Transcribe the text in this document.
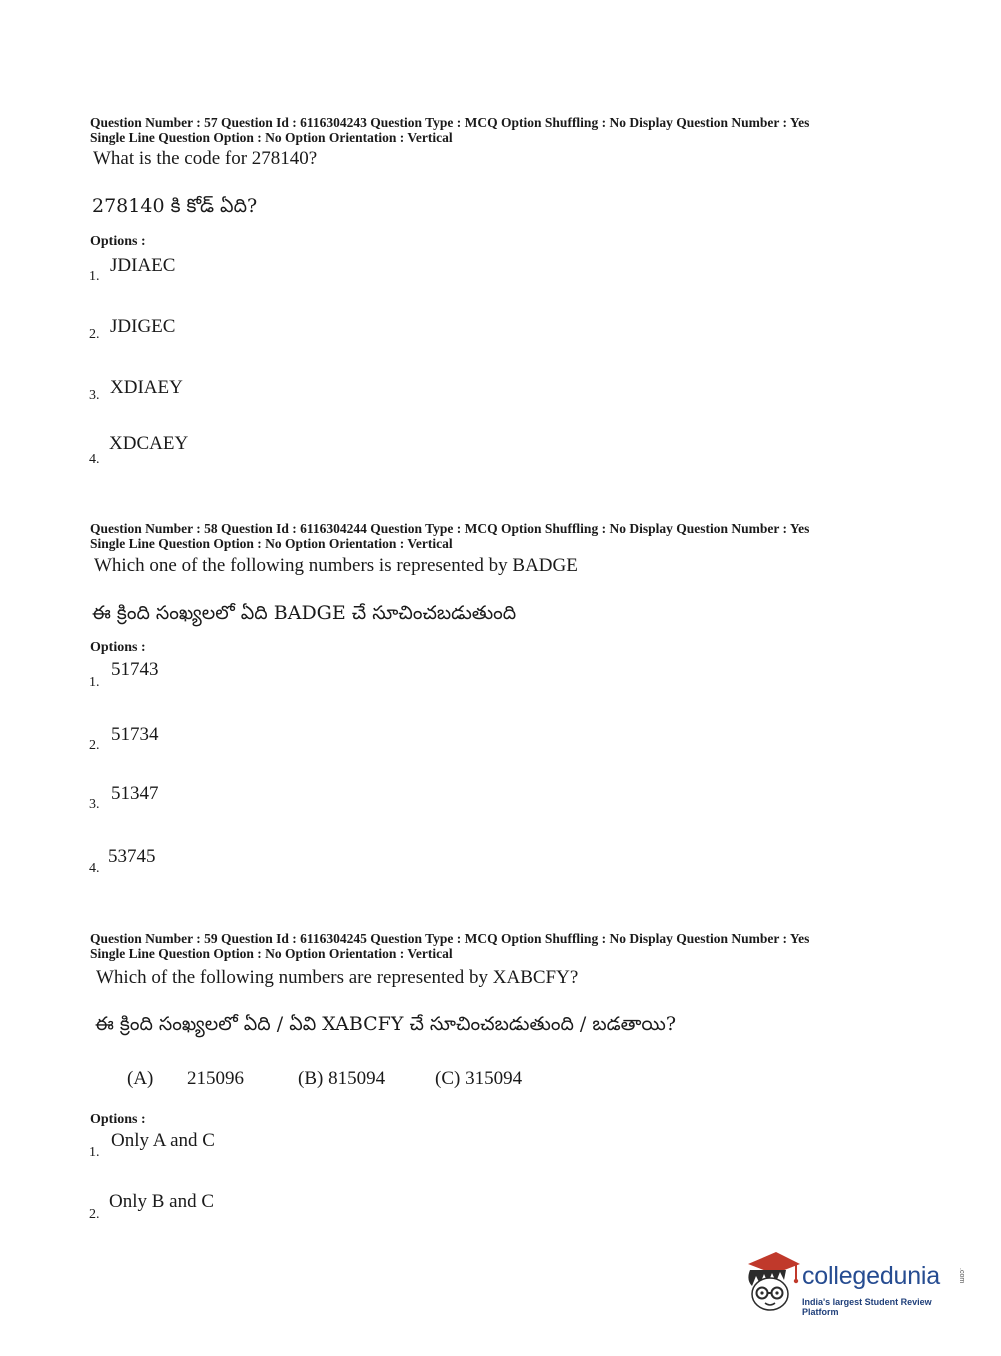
Question Number : 57 Question Id : 6116304243 Question Type : MCQ Option Shuffling : No Display Question Number : Yes
Single Line Question Option : No Option Orientation : Vertical
What is the code for 278140?
278140 కి కోడ్ ఏది?
Options :
1.
JDIAEC
2. JDIGEC
3. XDIAEY
4.
XDCAEY
Question Number : 58 Question Id : 6116304244 Question Type : MCQ Option Shuffling : No Display Question Number : Yes
Single Line Question Option : No Option Orientation : Vertical
Which one of the following numbers is represented by BADGE
ఈ క్రింది సంఖ్యలలో ఏది BADGE చే సూచించబడుతుంది
Options :
1.
51743
2.
51734
3.
51347
4.
53745
Question Number : 59 Question Id : 6116304245 Question Type : MCQ Option Shuffling : No Display Question Number : Yes
Single Line Question Option : No Option Orientation : Vertical
Which of the following numbers are represented by XABCFY?
ఈ క్రింది సంఖ్యలలో ఏది / ఏవి XABCFY చే సూచించబడుతుంది / బడతాయి?
(A) 215096	(B) 815094	(C) 315094
Options :
1.
Only A and C
2.
Only B and C
collegedunia	.com
India's largest Student Review Platform
